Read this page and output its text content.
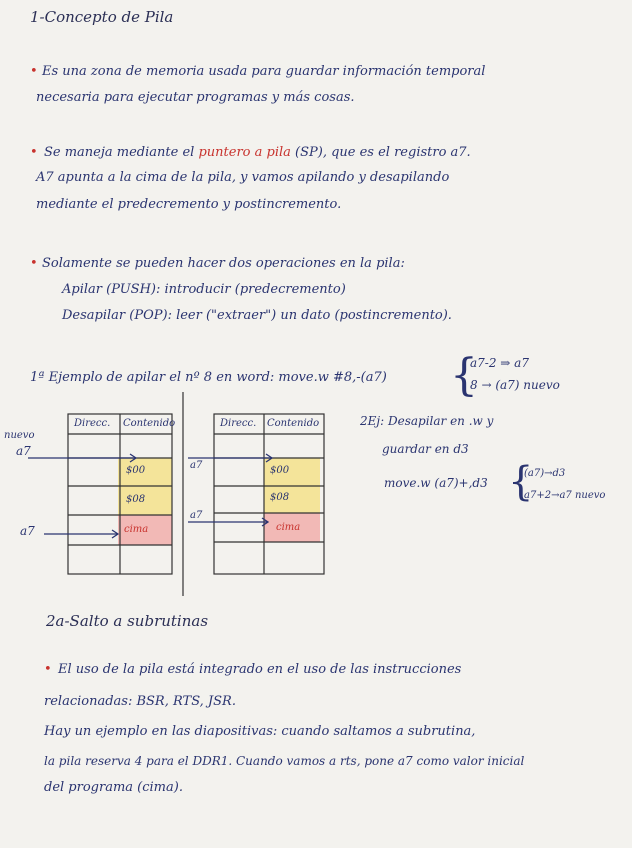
1-Concepto de Pila
• Es una zona de memoria usada para guardar información temporal
necesaria para ejecutar programas y más cosas.
• Se maneja mediante el puntero a pila (SP), que es el registro a7.
A7 apunta a la cima de la pila, y vamos apilando y desapilando
mediante el predecremento y postincremento.
• Solamente se pueden hacer dos operaciones en la pila:
Apilar (PUSH): introducir (predecremento)
Desapilar (POP): leer ("extraer") un dato (postincremento).
1ª Ejemplo de apilar el nº 8 en word: move.w #8,-(a7) {
a7-2 ⇒ a7
8 → (a7) nuevo
Direcc. Contenido
$00
$08
cima
nuevo
a7
a7
Direcc. Contenido
$00
$08
cima
a7
a7
2Ej: Desapilar en .w y
guardar en d3
move.w (a7)+,d3 {
(a7)→d3
a7+2→a7 nuevo
2a-Salto a subrutinas
• El uso de la pila está integrado en el uso de las instrucciones
relacionadas: BSR, RTS, JSR.
Hay un ejemplo en las diapositivas: cuando saltamos a subrutina,
la pila reserva 4 para el DDR1. Cuando vamos a rts, pone a7 como valor inicial
del programa (cima).
